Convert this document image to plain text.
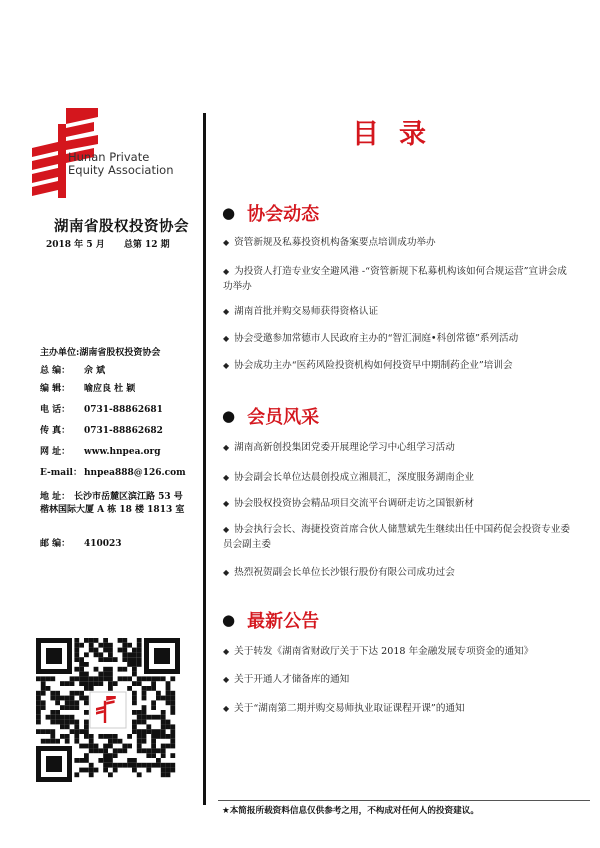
Hunan Private
Equity Association
湖南省股权投资协会
2018 年 5 月 总第 12 期
主办单位:湖南省股权投资协会
总 编： 佘 斌
编 辑： 喻应良 杜 颖
电 话： 0731-88862681
传 真： 0731-88862682
网 址： www.hnpea.org
E-mail： hnpea888@126.com
地 址： 长沙市岳麓区滨江路 53 号
楷林国际大厦 A 栋 18 楼 1813 室
邮 编： 410023
目录
● 协会动态
◆ 资管新规及私募投资机构备案要点培训成功举办
◆ 为投资人打造专业安全避风港 -“资管新规下私募机构该如何合规运营”宣讲会成功举办
◆ 湖南首批并购交易师获得资格认证
◆ 协会受邀参加常德市人民政府主办的“智汇洞庭•科创常德”系列活动
◆ 协会成功主办“医药风险投资机构如何投资早中期制药企业”培训会
● 会员风采
◆ 湖南高新创投集团党委开展理论学习中心组学习活动
◆ 协会副会长单位达晨创投成立湘晨汇，深度服务湖南企业
◆ 协会股权投资协会精品项目交流平台调研走访之国银新材
◆ 协会执行会长、海捷投资首席合伙人储慧斌先生继续出任中国药促会投资专业委员会副主委
◆ 热烈祝贺副会长单位长沙银行股份有限公司成功过会
● 最新公告
◆ 关于转发《湖南省财政厅关于下达 2018 年金融发展专项资金的通知》
◆ 关于开通人才储备库的通知
◆ 关于“湖南第二期并购交易师执业取证课程开课”的通知
★本简报所载资料信息仅供参考之用，不构成对任何人的投资建议。
